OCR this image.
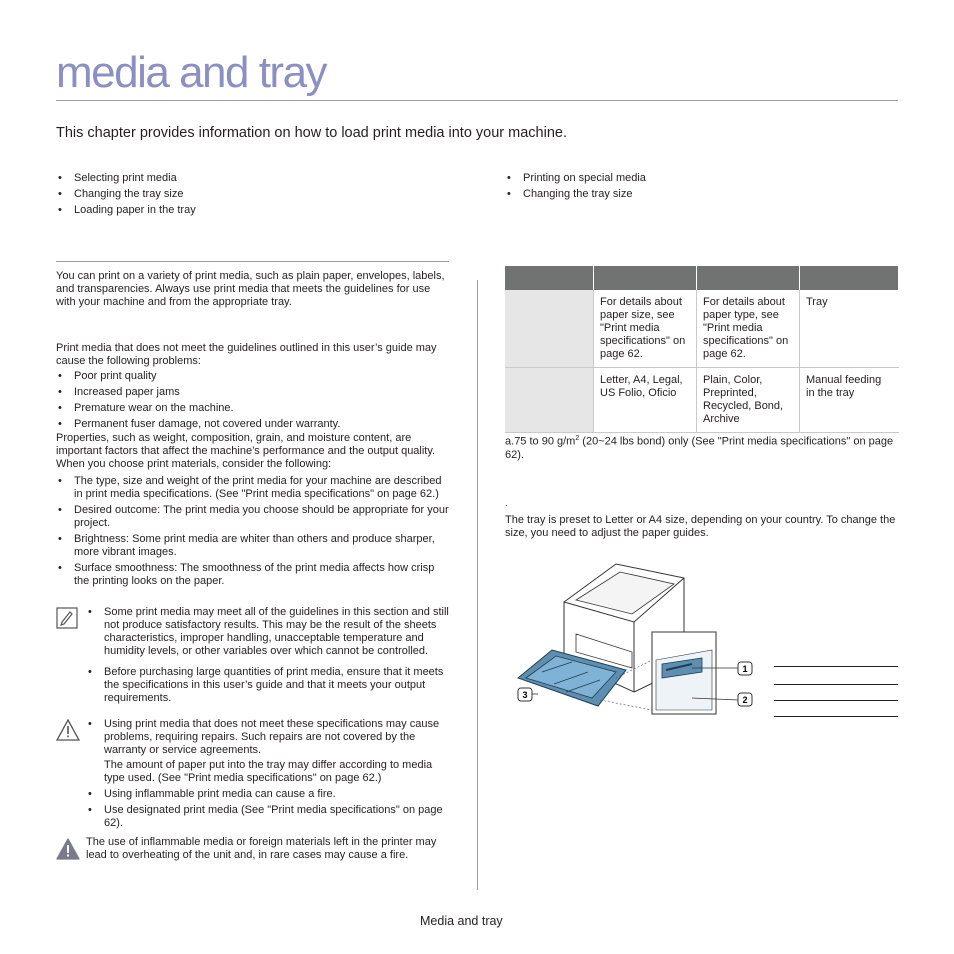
media and tray
This chapter provides information on how to load print media into your machine.
• Selecting print media
• Changing the tray size
• Loading paper in the tray
• Printing on special media
• Changing the tray size

You can print on a variety of print media, such as plain paper, envelopes, labels, and transparencies. Always use print media that meets the guidelines for use with your machine and from the appropriate tray.

Print media that does not meet the guidelines outlined in this user’s guide may cause the following problems:

• Poor print quality
• Increased paper jams
• Premature wear on the machine.
• Permanent fuser damage, not covered under warranty.

Properties, such as weight, composition, grain, and moisture content, are important factors that affect the machine’s performance and the output quality. When you choose print materials, consider the following:

• The type, size and weight of the print media for your machine are described in print media specifications. (See "Print media specifications" on page 62.)
• Desired outcome: The print media you choose should be appropriate for your project.
• Brightness: Some print media are whiter than others and produce sharper, more vibrant images.
• Surface smoothness: The smoothness of the print media affects how crisp the printing looks on the paper.
• Some print media may meet all of the guidelines in this section and still not produce satisfactory results. This may be the result of the sheets characteristics, improper handling, unacceptable temperature and humidity levels, or other variables over which cannot be controlled.
• Before purchasing large quantities of print media, ensure that it meets the specifications in this user’s guide and that it meets your output requirements.
• Using print media that does not meet these specifications may cause problems, requiring repairs. Such repairs are not covered by the warranty or service agreements.
The amount of paper put into the tray may differ according to media type used. (See "Print media specifications" on page 62.)
• Using inflammable print media can cause a fire.
• Use designated print media (See "Print media specifications" on page 62).

The use of inflammable media or foreign materials left in the printer may lead to overheating of the unit and, in rare cases may cause a fire.

	For details about paper size, see "Print media specifications" on page 62.	For details about paper type, see "Print media specifications" on page 62.	Tray
	Letter, A4, Legal, US Folio, Oficio	Plain, Color, Preprinted, Recycled, Bond, Archive	Manual feeding in the tray
a.75 to 90 $g/m^2$ (20~24 lbs bond) only (See "Print media specifications" on page 62).
.

The tray is preset to Letter or A4 size, depending on your country. To change the size, you need to adjust the paper guides.

1
2
3
Media and tray
